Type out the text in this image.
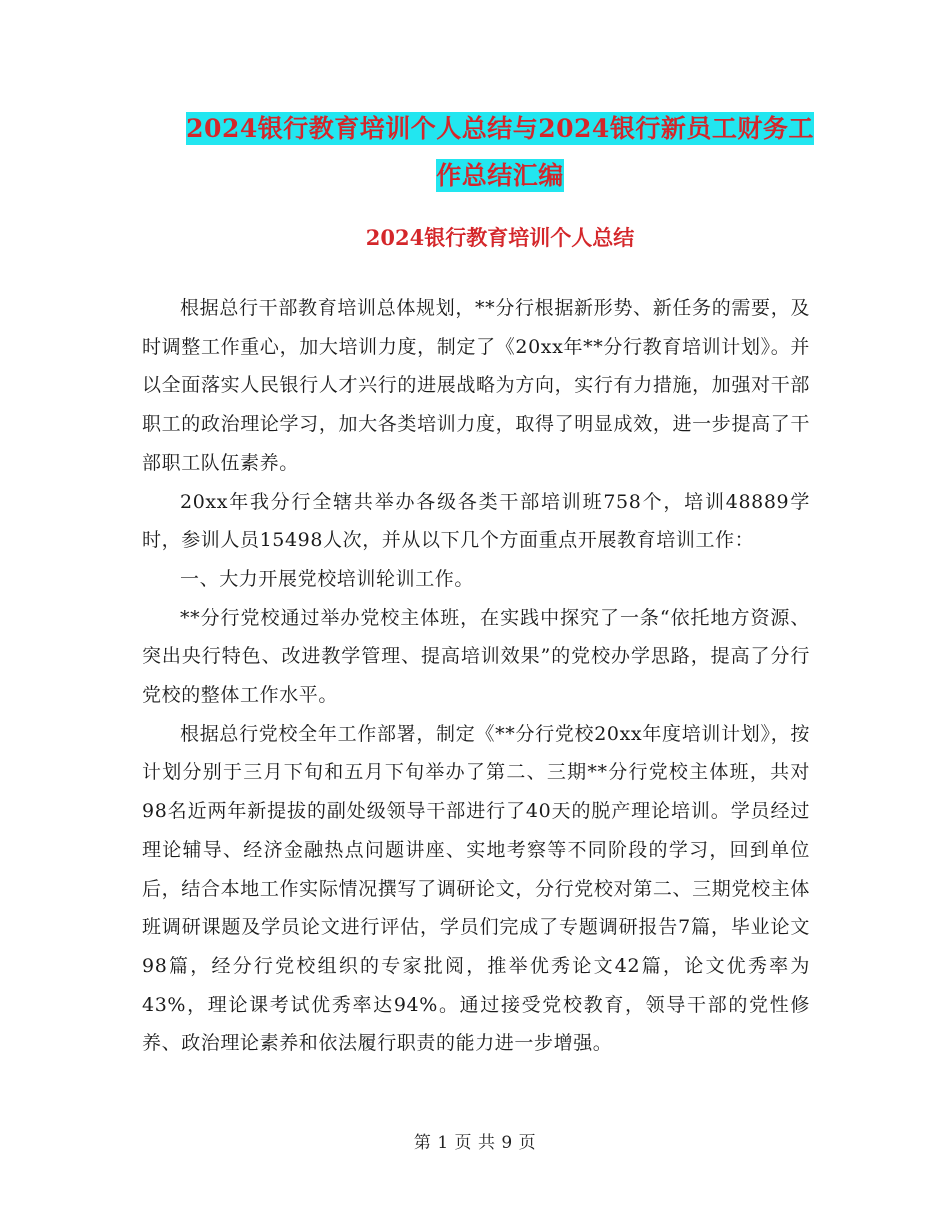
2024银行教育培训个人总结与2024银行新员工财务工
作总结汇编
2024银行教育培训个人总结

根据总行干部教育培训总体规划，**分行根据新形势、新任务的需要，及时调整工作重心，加大培训力度，制定了《20xx年**分行教育培训计划》。并以全面落实人民银行人才兴行的进展战略为方向，实行有力措施，加强对干部职工的政治理论学习，加大各类培训力度，取得了明显成效，进一步提高了干部职工队伍素养。

20xx年我分行全辖共举办各级各类干部培训班758个，培训48889学时，参训人员15498人次，并从以下几个方面重点开展教育培训工作：

一、大力开展党校培训轮训工作。

**分行党校通过举办党校主体班，在实践中探究了一条“依托地方资源、突出央行特色、改进教学管理、提高培训效果”的党校办学思路，提高了分行党校的整体工作水平。

根据总行党校全年工作部署，制定《**分行党校20xx年度培训计划》，按计划分别于三月下旬和五月下旬举办了第二、三期**分行党校主体班，共对98名近两年新提拔的副处级领导干部进行了40天的脱产理论培训。学员经过理论辅导、经济金融热点问题讲座、实地考察等不同阶段的学习，回到单位后，结合本地工作实际情况撰写了调研论文，分行党校对第二、三期党校主体班调研课题及学员论文进行评估，学员们完成了专题调研报告7篇，毕业论文98篇，经分行党校组织的专家批阅，推举优秀论文42篇，论文优秀率为43%，理论课考试优秀率达94%。通过接受党校教育，领导干部的党性修养、政治理论素养和依法履行职责的能力进一步增强。

第 1 页 共 9 页
